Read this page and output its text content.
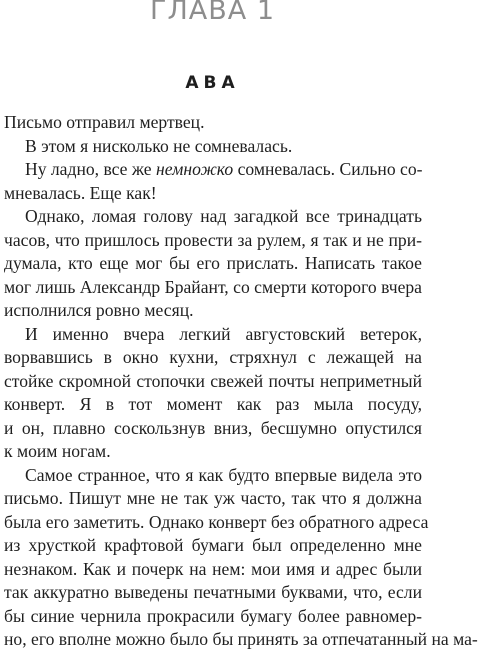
ГЛАВА 1
АВА
Письмо отправил мертвец.
В этом я нисколько не сомневалась.
Ну ладно, все же немножко сомневалась. Сильно со-
мневалась. Еще как!
Однако, ломая голову над загадкой все тринадцать
часов, что пришлось провести за рулем, я так и не при-
думала, кто еще мог бы его прислать. Написать такое
мог лишь Александр Брайант, со смерти которого вчера
исполнился ровно месяц.
И именно вчера легкий августовский ветерок,
ворвавшись в окно кухни, стряхнул с лежащей на
стойке скромной стопочки свежей почты неприметный
конверт. Я в тот момент как раз мыла посуду,
и он, плавно соскользнув вниз, бесшумно опустился
к моим ногам.
Самое странное, что я как будто впервые видела это
письмо. Пишут мне не так уж часто, так что я должна
была его заметить. Однако конверт без обратного адреса
из хрусткой крафтовой бумаги был определенно мне
незнаком. Как и почерк на нем: мои имя и адрес были
так аккуратно выведены печатными буквами, что, если
бы синие чернила прокрасили бумагу более равномер-
но, его вполне можно было бы принять за отпечатанный на ма-
